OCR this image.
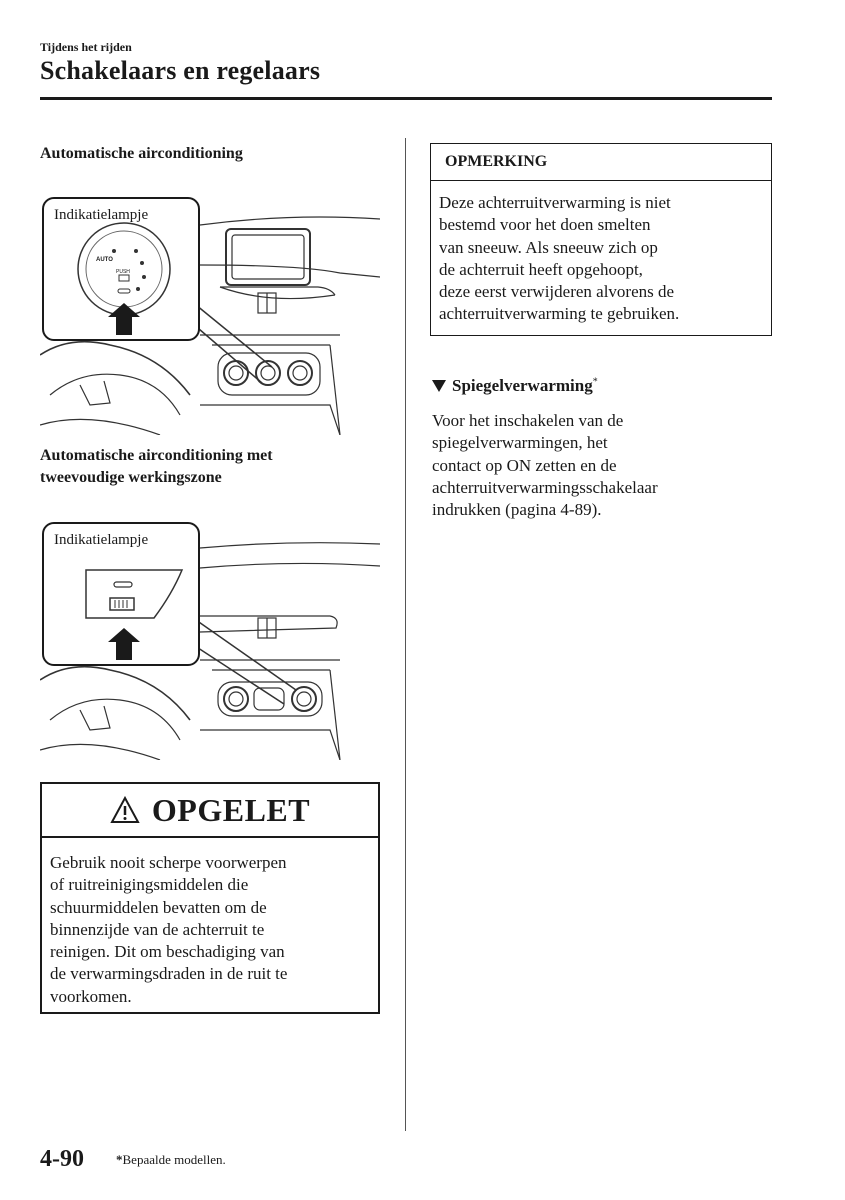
Tijdens het rijden
Schakelaars en regelaars
Automatische airconditioning
Indikatielampje
AUTO
PUSH
Automatische airconditioning met
tweevoudige werkingszone
Indikatielampje
OPGELET
Gebruik nooit scherpe voorwerpen
of ruitreinigingsmiddelen die
schuurmiddelen bevatten om de
binnenzijde van de achterruit te
reinigen. Dit om beschadiging van
de verwarmingsdraden in de ruit te
voorkomen.
OPMERKING
Deze achterruitverwarming is niet
bestemd voor het doen smelten
van sneeuw. Als sneeuw zich op
de achterruit heeft opgehoopt,
deze eerst verwijderen alvorens de
achterruitverwarming te gebruiken.
Spiegelverwarming*
Voor het inschakelen van de
spiegelverwarmingen, het
contact op ON zetten en de
achterruitverwarmingsschakelaar
indrukken (pagina 4-89).
4-90 *Bepaalde modellen.
